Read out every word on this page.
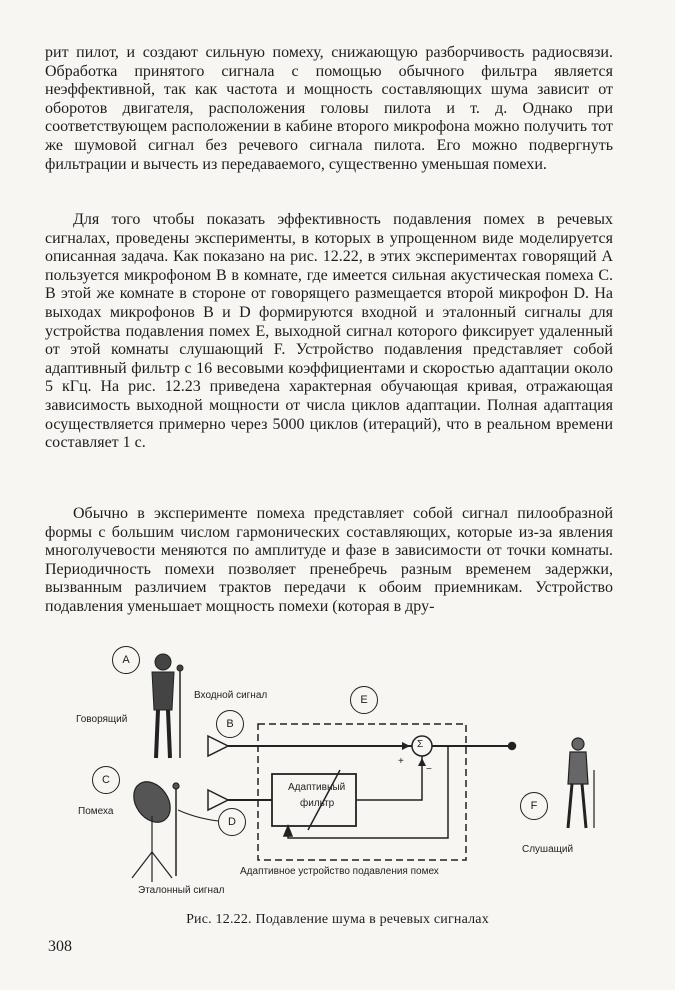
рит пилот, и создают сильную помеху, снижающую разборчивость радиосвязи. Обработка принятого сигнала с помощью обычного фильтра является неэффективной, так как частота и мощность составляющих шума зависит от оборотов двигателя, расположения головы пилота и т. д. Однако при соответствующем расположении в кабине второго микрофона можно получить тот же шумовой сигнал без речевого сигнала пилота. Его можно подвергнуть фильтрации и вычесть из передаваемого, существенно уменьшая помехи.

Для того чтобы показать эффективность подавления помех в речевых сигналах, проведены эксперименты, в которых в упрощенном виде моделируется описанная задача. Как показано на рис. 12.22, в этих экспериментах говорящий A пользуется микрофоном B в комнате, где имеется сильная акустическая помеха C. В этой же комнате в стороне от говорящего размещается второй микрофон D. На выходах микрофонов B и D формируются входной и эталонный сигналы для устройства подавления помех E, выходной сигнал которого фиксирует удаленный от этой комнаты слушающий F. Устройство подавления представляет собой адаптивный фильтр с 16 весовыми коэффициентами и скоростью адаптации около 5 кГц. На рис. 12.23 приведена характерная обучающая кривая, отражающая зависимость выходной мощности от числа циклов адаптации. Полная адаптация осуществляется примерно через 5000 циклов (итераций), что в реальном времени составляет 1 с.

Обычно в эксперименте помеха представляет собой сигнал пилообразной формы с большим числом гармонических составляющих, которые из-за явления многолучевости меняются по амплитуде и фазе в зависимости от точки комнаты. Периодичность помехи позволяет пренебречь разным временем задержки, вызванным различием трактов передачи к обоим приемникам. Устройство подавления уменьшает мощность помехи (которая в дру-

A
B
C
D
E
F
Говорящий
Входной сигнал
Помеха
Эталонный сигнал
Адаптивный
фильтр
Σ
+
−
Адаптивное устройство подавления помех
Слушащий
Рис. 12.22. Подавление шума в речевых сигналах
308
